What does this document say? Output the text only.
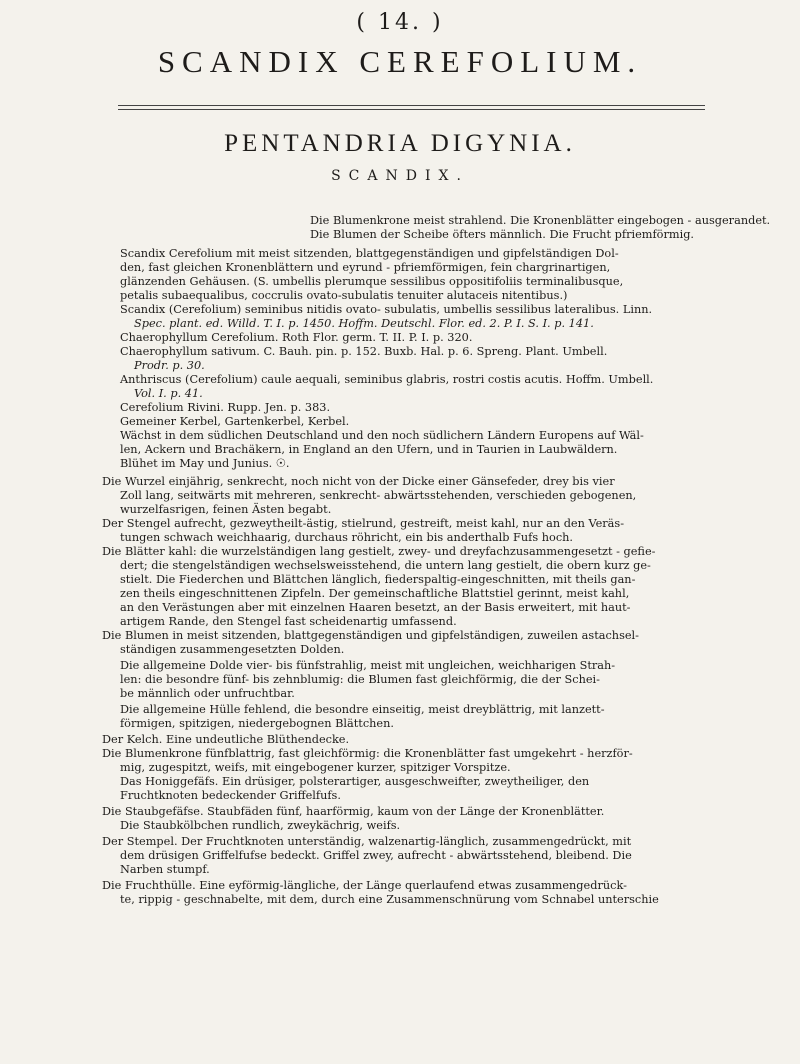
( 14. )
SCANDIX CEREFOLIUM.
PENTANDRIA DIGYNIA.
SCANDIX.
Die Blumenkrone meist strahlend. Die Kronenblätter eingebogen - ausgerandet.
Die Blumen der Scheibe öfters männlich. Die Frucht pfriemförmig.
Scandix Cerefolium mit meist sitzenden, blattgegenständigen und gipfelständigen Dol-
den, fast gleichen Kronenblättern und eyrund - pfriemförmigen, fein chargrinartigen,
glänzenden Gehäusen. (S. umbellis plerumque sessilibus oppositifoliis terminalibusque,
petalis subaequalibus, coccrulis ovato-subulatis tenuiter alutaceis nitentibus.)
Scandix (Cerefolium) seminibus nitidis ovato- subulatis, umbellis sessilibus lateralibus. Linn.
Spec. plant. ed. Willd. T. I. p. 1450. Hoffm. Deutschl. Flor. ed. 2. P. I. S. I. p. 141.
Chaerophyllum Cerefolium. Roth Flor. germ. T. II. P. I. p. 320.
Chaerophyllum sativum. C. Bauh. pin. p. 152. Buxb. Hal. p. 6. Spreng. Plant. Umbell.
Prodr. p. 30.
Anthriscus (Cerefolium) caule aequali, seminibus glabris, rostri costis acutis. Hoffm. Umbell.
Vol. I. p. 41.
Cerefolium Rivini. Rupp. Jen. p. 383.
Gemeiner Kerbel, Gartenkerbel, Kerbel.
Wächst in dem südlichen Deutschland und den noch südlichern Ländern Europens auf Wäl-
len, Ackern und Brachäkern, in England an den Ufern, und in Taurien in Laubwäldern.
Blühet im May und Junius. ☉.
Die Wurzel einjährig, senkrecht, noch nicht von der Dicke einer Gänsefeder, drey bis vier
Zoll lang, seitwärts mit mehreren, senkrecht- abwärtsstehenden, verschieden gebogenen,
wurzelfasrigen, feinen Ästen begabt.
Der Stengel aufrecht, gezweytheilt-ästig, stielrund, gestreift, meist kahl, nur an den Veräs-
tungen schwach weichhaarig, durchaus röhricht, ein bis anderthalb Fufs hoch.
Die Blätter kahl: die wurzelständigen lang gestielt, zwey- und dreyfachzusammengesetzt - gefie-
dert; die stengelständigen wechselsweisstehend, die untern lang gestielt, die obern kurz ge-
stielt. Die Fiederchen und Blättchen länglich, fiederspaltig-eingeschnitten, mit theils gan-
zen theils eingeschnittenen Zipfeln. Der gemeinschaftliche Blattstiel gerinnt, meist kahl,
an den Verästungen aber mit einzelnen Haaren besetzt, an der Basis erweitert, mit haut-
artigem Rande, den Stengel fast scheidenartig umfassend.
Die Blumen in meist sitzenden, blattgegenständigen und gipfelständigen, zuweilen astachsel-
ständigen zusammengesetzten Dolden.
Die allgemeine Dolde vier- bis fünfstrahlig, meist mit ungleichen, weichharigen Strah-
len: die besondre fünf- bis zehnblumig: die Blumen fast gleichförmig, die der Schei-
be männlich oder unfruchtbar.
Die allgemeine Hülle fehlend, die besondre einseitig, meist dreyblättrig, mit lanzett-
förmigen, spitzigen, niedergebognen Blättchen.
Der Kelch. Eine undeutliche Blüthendecke.
Die Blumenkrone fünfblattrig, fast gleichförmig: die Kronenblätter fast umgekehrt - herzför-
mig, zugespitzt, weifs, mit eingebogener kurzer, spitziger Vorspitze.
Das Honiggefäfs. Ein drüsiger, polsterartiger, ausgeschweifter, zweytheiliger, den
Fruchtknoten bedeckender Griffelfufs.
Die Staubgefäfse. Staubfäden fünf, haarförmig, kaum von der Länge der Kronenblätter.
Die Staubkölbchen rundlich, zweykächrig, weifs.
Der Stempel. Der Fruchtknoten unterständig, walzenartig-länglich, zusammengedrückt, mit
dem drüsigen Griffelfufse bedeckt. Griffel zwey, aufrecht - abwärtsstehend, bleibend. Die
Narben stumpf.
Die Fruchthülle. Eine eyförmig-längliche, der Länge querlaufend etwas zusammengedrück-
te, rippig - geschnabelte, mit dem, durch eine Zusammenschnürung vom Schnabel unterschie
